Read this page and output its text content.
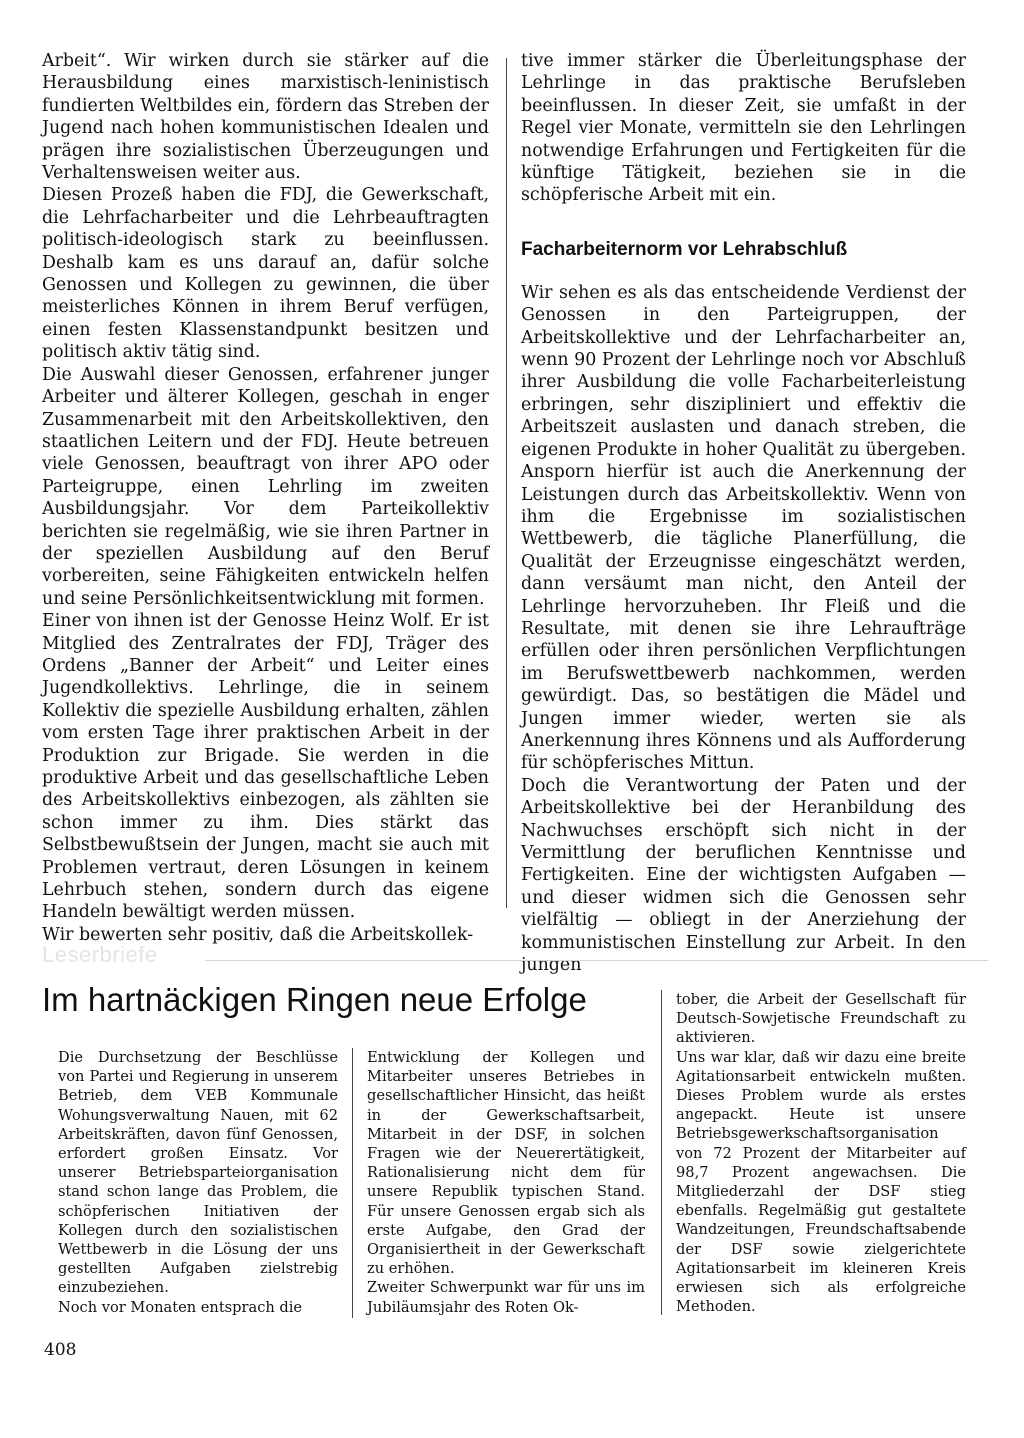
Arbeit“. Wir wirken durch sie stärker auf die Herausbildung eines marxistisch-leninistisch fundierten Weltbildes ein, fördern das Streben der Jugend nach hohen kommunistischen Idealen und prägen ihre sozialistischen Überzeugungen und Verhaltensweisen weiter aus.

Diesen Prozeß haben die FDJ, die Gewerkschaft, die Lehrfacharbeiter und die Lehrbeauftragten politisch-ideologisch stark zu beeinflussen. Deshalb kam es uns darauf an, dafür solche Genossen und Kollegen zu gewinnen, die über meisterliches Können in ihrem Beruf verfügen, einen festen Klassenstandpunkt besitzen und politisch aktiv tätig sind.

Die Auswahl dieser Genossen, erfahrener junger Arbeiter und älterer Kollegen, geschah in enger Zusammenarbeit mit den Arbeitskollektiven, den staatlichen Leitern und der FDJ. Heute betreuen viele Genossen, beauftragt von ihrer APO oder Parteigruppe, einen Lehrling im zweiten Ausbildungsjahr. Vor dem Parteikollektiv berichten sie regelmäßig, wie sie ihren Partner in der speziellen Ausbildung auf den Beruf vorbereiten, seine Fähigkeiten entwickeln helfen und seine Persönlichkeitsentwicklung mit formen.

Einer von ihnen ist der Genosse Heinz Wolf. Er ist Mitglied des Zentralrates der FDJ, Träger des Ordens „Banner der Arbeit“ und Leiter eines Jugendkollektivs. Lehrlinge, die in seinem Kollektiv die spezielle Ausbildung erhalten, zählen vom ersten Tage ihrer praktischen Arbeit in der Produktion zur Brigade. Sie werden in die produktive Arbeit und das gesellschaftliche Leben des Arbeitskollektivs einbezogen, als zählten sie schon immer zu ihm. Dies stärkt das Selbstbewußtsein der Jungen, macht sie auch mit Problemen vertraut, deren Lösungen in keinem Lehrbuch stehen, sondern durch das eigene Handeln bewältigt werden müssen.

Wir bewerten sehr positiv, daß die Arbeitskollek-

tive immer stärker die Überleitungsphase der Lehrlinge in das praktische Berufsleben beeinflussen. In dieser Zeit, sie umfaßt in der Regel vier Monate, vermitteln sie den Lehrlingen notwendige Erfahrungen und Fertigkeiten für die künftige Tätigkeit, beziehen sie in die schöpferische Arbeit mit ein.

Facharbeiternorm vor Lehrabschluß

Wir sehen es als das entscheidende Verdienst der Genossen in den Parteigruppen, der Arbeitskollektive und der Lehrfacharbeiter an, wenn 90 Prozent der Lehrlinge noch vor Abschluß ihrer Ausbildung die volle Facharbeiterleistung erbringen, sehr diszipliniert und effektiv die Arbeitszeit auslasten und danach streben, die eigenen Produkte in hoher Qualität zu übergeben. Ansporn hierfür ist auch die Anerkennung der Leistungen durch das Arbeitskollektiv. Wenn von ihm die Ergebnisse im sozialistischen Wettbewerb, die tägliche Planerfüllung, die Qualität der Erzeugnisse eingeschätzt werden, dann versäumt man nicht, den Anteil der Lehrlinge hervorzuheben. Ihr Fleiß und die Resultate, mit denen sie ihre Lehraufträge erfüllen oder ihren persönlichen Verpflichtungen im Berufswettbewerb nachkommen, werden gewürdigt. Das, so bestätigen die Mädel und Jungen immer wieder, werten sie als Anerkennung ihres Könnens und als Aufforderung für schöpferisches Mittun.

Doch die Verantwortung der Paten und der Arbeitskollektive bei der Heranbildung des Nachwuchses erschöpft sich nicht in der Vermittlung der beruflichen Kenntnisse und Fertigkeiten. Eine der wichtigsten Aufgaben — und dieser widmen sich die Genossen sehr vielfältig — obliegt in der Anerziehung der kommunistischen Einstellung zur Arbeit. In den jungen

Leserbriefe
Im hartnäckigen Ringen neue Erfolge

Die Durchsetzung der Beschlüsse von Partei und Regierung in unserem Betrieb, dem VEB Kommunale Wohungsverwaltung Nauen, mit 62 Arbeitskräften, davon fünf Genossen, erfordert großen Einsatz. Vor unserer Betriebsparteiorganisation stand schon lange das Problem, die schöpferischen Initiativen der Kollegen durch den sozialistischen Wettbewerb in die Lösung der uns gestellten Aufgaben zielstrebig einzubeziehen.

Noch vor Monaten entsprach die

Entwicklung der Kollegen und Mitarbeiter unseres Betriebes in gesellschaftlicher Hinsicht, das heißt in der Gewerkschaftsarbeit, Mitarbeit in der DSF, in solchen Fragen wie der Neuerertätigkeit, Rationalisierung nicht dem für unsere Republik typischen Stand. Für unsere Genossen ergab sich als erste Aufgabe, den Grad der Organisiertheit in der Gewerkschaft zu erhöhen.

Zweiter Schwerpunkt war für uns im Jubiläumsjahr des Roten Ok-

tober, die Arbeit der Gesellschaft für Deutsch-Sowjetische Freundschaft zu aktivieren.

Uns war klar, daß wir dazu eine breite Agitationsarbeit entwickeln mußten. Dieses Problem wurde als erstes angepackt. Heute ist unsere Betriebsgewerkschaftsorganisation von 72 Prozent der Mitarbeiter auf 98,7 Prozent angewachsen. Die Mitgliederzahl der DSF stieg ebenfalls. Regelmäßig gut gestaltete Wandzeitungen, Freundschaftsabende der DSF sowie zielgerichtete Agitationsarbeit im kleineren Kreis erwiesen sich als erfolgreiche Methoden.

408
